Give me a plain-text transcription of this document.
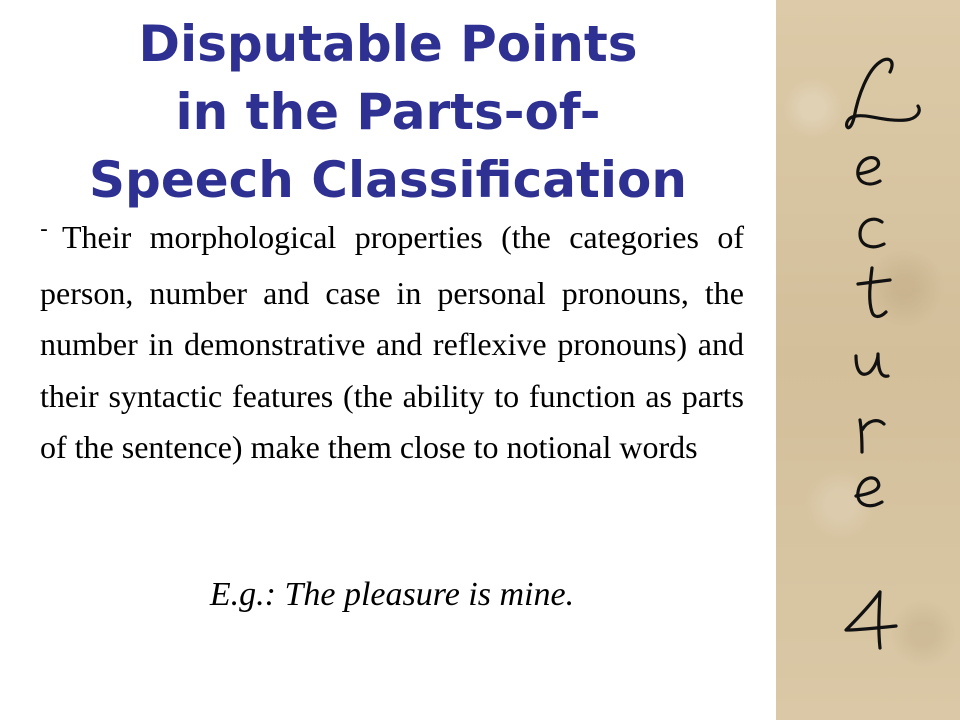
Disputable Points
in the Parts-of-
Speech Classification

- Their morphological properties (the categories of person, number and case in personal pronouns, the number in demonstrative and reflexive pronouns) and their syntactic features (the ability to function as parts of the sentence) make them close to notional words

E.g.: The pleasure is mine.
